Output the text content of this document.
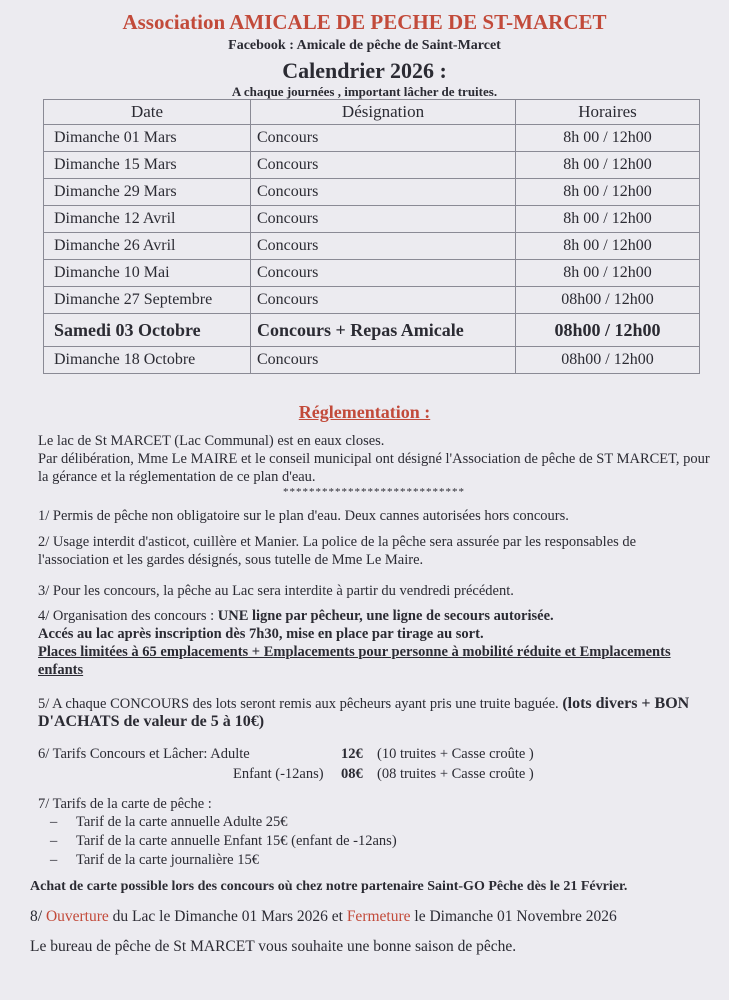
Association AMICALE DE PECHE DE ST-MARCET
Facebook : Amicale de pêche de Saint-Marcet
Calendrier 2026 :
A chaque journées , important lâcher de truites.
Date	Désignation	Horaires
Dimanche 01 Mars	Concours	8h 00 / 12h00
Dimanche 15 Mars	Concours	8h 00 / 12h00
Dimanche 29 Mars	Concours	8h 00 / 12h00
Dimanche 12 Avril	Concours	8h 00 / 12h00
Dimanche 26 Avril	Concours	8h 00 / 12h00
Dimanche 10 Mai	Concours	8h 00 / 12h00
Dimanche 27 Septembre	Concours	08h00 / 12h00
Samedi 03 Octobre	Concours + Repas Amicale	08h00 / 12h00
Dimanche 18 Octobre	Concours	08h00 / 12h00
Réglementation :
Le lac de St MARCET (Lac Communal) est en eaux closes.
Par délibération, Mme Le MAIRE et le conseil municipal ont désigné l'Association de pêche de ST MARCET, pour la gérance et la réglementation de ce plan d'eau.
****************************
1/ Permis de pêche non obligatoire sur le plan d'eau. Deux cannes autorisées hors concours.
2/ Usage interdit d'asticot, cuillère et Manier. La police de la pêche sera assurée par les responsables de l'association et les gardes désignés, sous tutelle de Mme Le Maire.
3/ Pour les concours, la pêche au Lac sera interdite à partir du vendredi précédent.
4/ Organisation des concours : UNE ligne par pêcheur, une ligne de secours autorisée.
Accés au lac après inscription dès 7h30, mise en place par tirage au sort.
Places limitées à 65 emplacements + Emplacements pour personne à mobilité réduite et Emplacements enfants
5/ A chaque CONCOURS des lots seront remis aux pêcheurs ayant pris une truite baguée. (lots divers + BON D'ACHATS de valeur de 5 à 10€)
6/ Tarifs Concours et Lâcher: Adulte	12€ (10 truites + Casse croûte )
Enfant (-12ans) 08€ (08 truites + Casse croûte )
7/ Tarifs de la carte de pêche :
– Tarif de la carte annuelle Adulte 25€
– Tarif de la carte annuelle Enfant 15€ (enfant de -12ans)
– Tarif de la carte journalière 15€
Achat de carte possible lors des concours où chez notre partenaire Saint-GO Pêche dès le 21 Février.
8/ Ouverture du Lac le Dimanche 01 Mars 2026 et Fermeture le Dimanche 01 Novembre 2026
Le bureau de pêche de St MARCET vous souhaite une bonne saison de pêche.
